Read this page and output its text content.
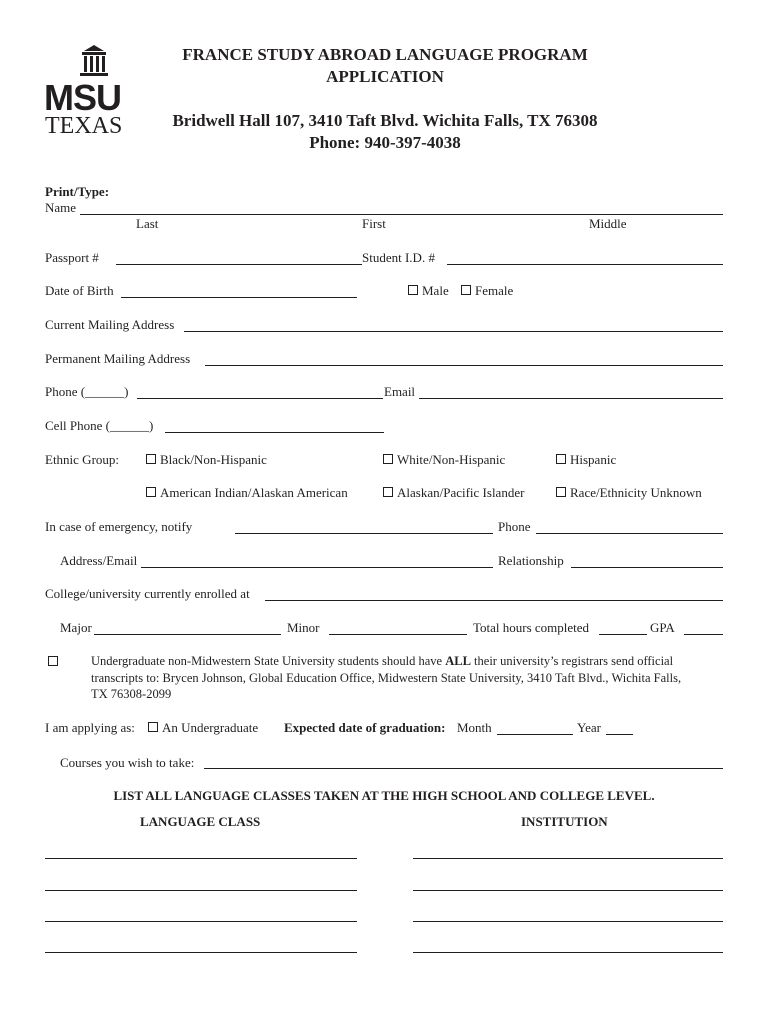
MSU
TEXAS
FRANCE STUDY ABROAD LANGUAGE PROGRAM
APPLICATION
Bridwell Hall 107, 3410 Taft Blvd. Wichita Falls, TX 76308
Phone: 940-397-4038
Print/Type:
Name
Last	First	Middle
Passport #	Student I.D. #
Date of Birth	Male	Female
Current Mailing Address
Permanent Mailing Address
Phone (______)	Email
Cell Phone (______)
Ethnic Group:	Black/Non-Hispanic	White/Non-Hispanic	Hispanic
American Indian/Alaskan American	Alaskan/Pacific Islander	Race/Ethnicity Unknown
In case of emergency, notify	Phone
Address/Email	Relationship
College/university currently enrolled at
Major	Minor	Total hours completed	GPA
Undergraduate non-Midwestern State University students should have ALL their university’s registrars send official
transcripts to: Brycen Johnson, Global Education Office, Midwestern State University, 3410 Taft Blvd., Wichita Falls,
TX 76308-2099
I am applying as:	An Undergraduate Expected date of graduation: Month	Year
Courses you wish to take:
LIST ALL LANGUAGE CLASSES TAKEN AT THE HIGH SCHOOL AND COLLEGE LEVEL.
LANGUAGE CLASS	INSTITUTION
